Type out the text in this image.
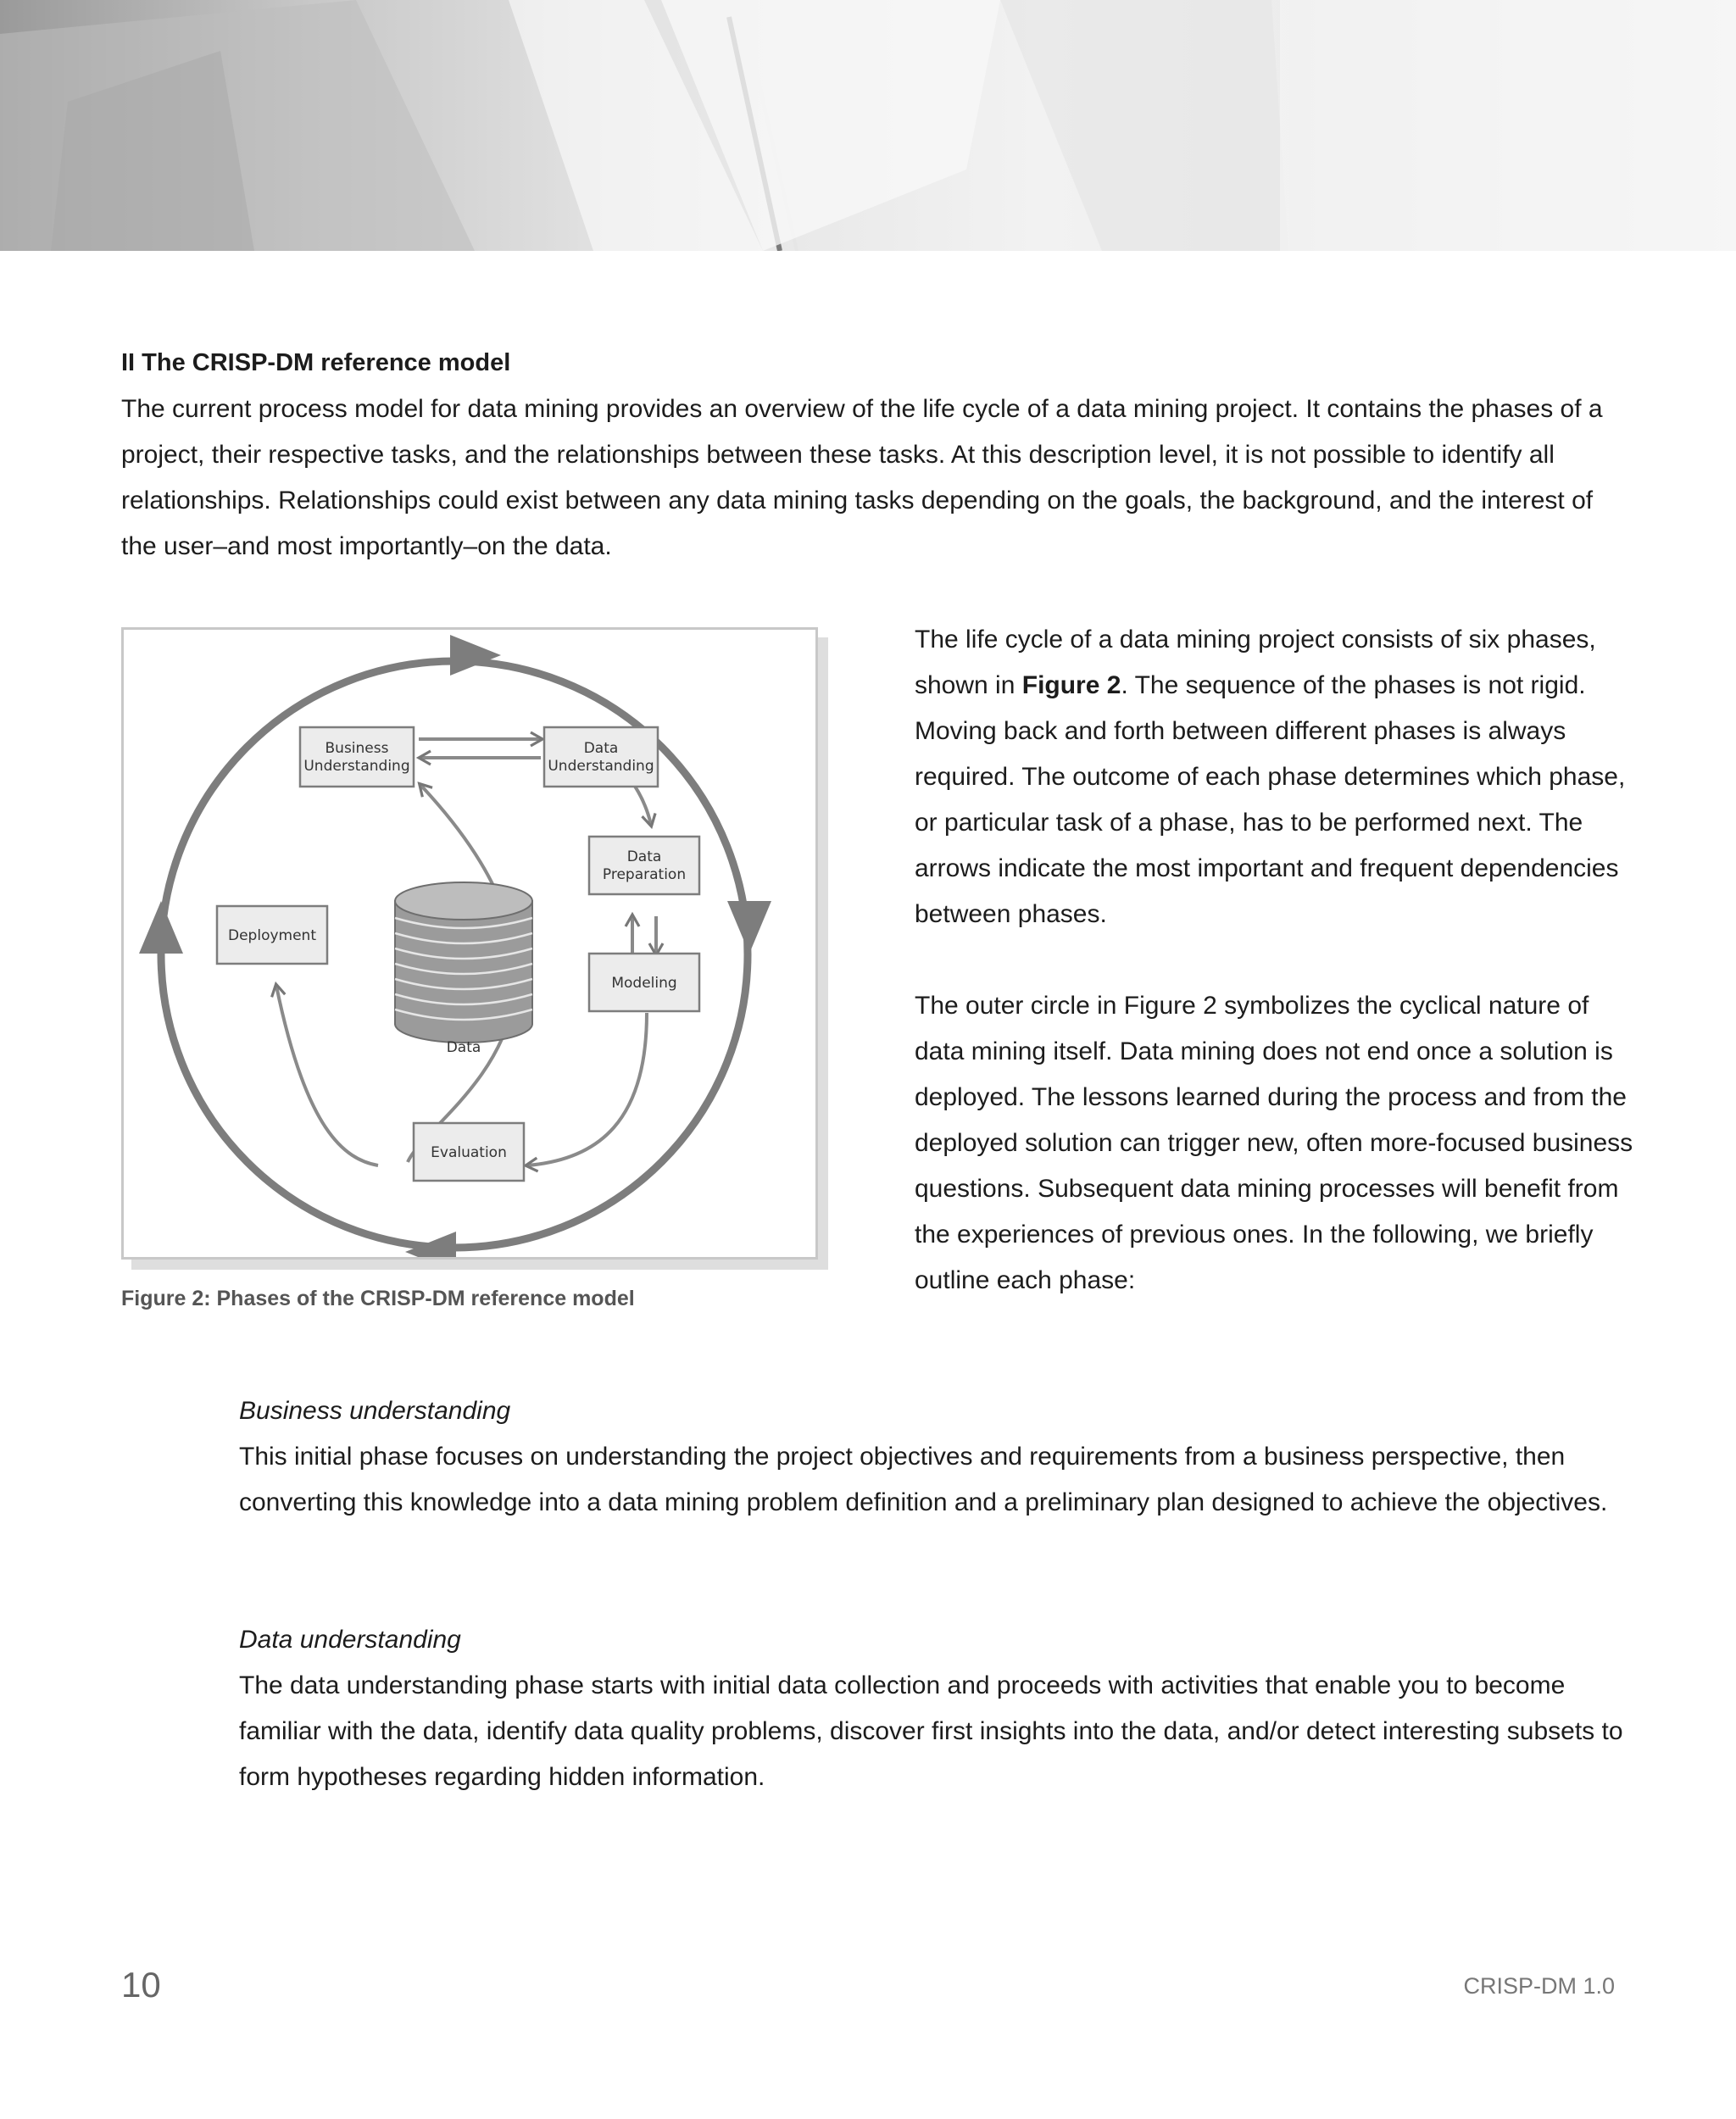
II The CRISP-DM reference model

The current process model for data mining provides an overview of the life cycle of a data mining project. It contains the phases of a project, their respective tasks, and the relationships between these tasks. At this description level, it is not possible to identify all relationships. Relationships could exist between any data mining tasks depending on the goals, the background, and the interest of the user–and most importantly–on the data.

Data
Business
Understanding
Data
Understanding
Data
Preparation
Deployment
Modeling
Evaluation

Figure 2: Phases of the CRISP-DM reference model

The life cycle of a data mining project consists of six phases, shown in Figure 2. The sequence of the phases is not rigid. Moving back and forth between different phases is always required. The outcome of each phase determines which phase, or particular task of a phase, has to be performed next. The arrows indicate the most important and frequent dependencies between phases.

The outer circle in Figure 2 symbolizes the cyclical nature of data mining itself. Data mining does not end once a solution is deployed. The lessons learned during the process and from the deployed solution can trigger new, often more-focused business questions. Subsequent data mining processes will benefit from the experiences of previous ones. In the following, we briefly outline each phase:

Business understanding

This initial phase focuses on understanding the project objectives and requirements from a business perspective, then converting this knowledge into a data mining problem definition and a preliminary plan designed to achieve the objectives.

Data understanding

The data understanding phase starts with initial data collection and proceeds with activities that enable you to become familiar with the data, identify data quality problems, discover first insights into the data, and/or detect interesting subsets to form hypotheses regarding hidden information.

10	CRISP-DM 1.0
